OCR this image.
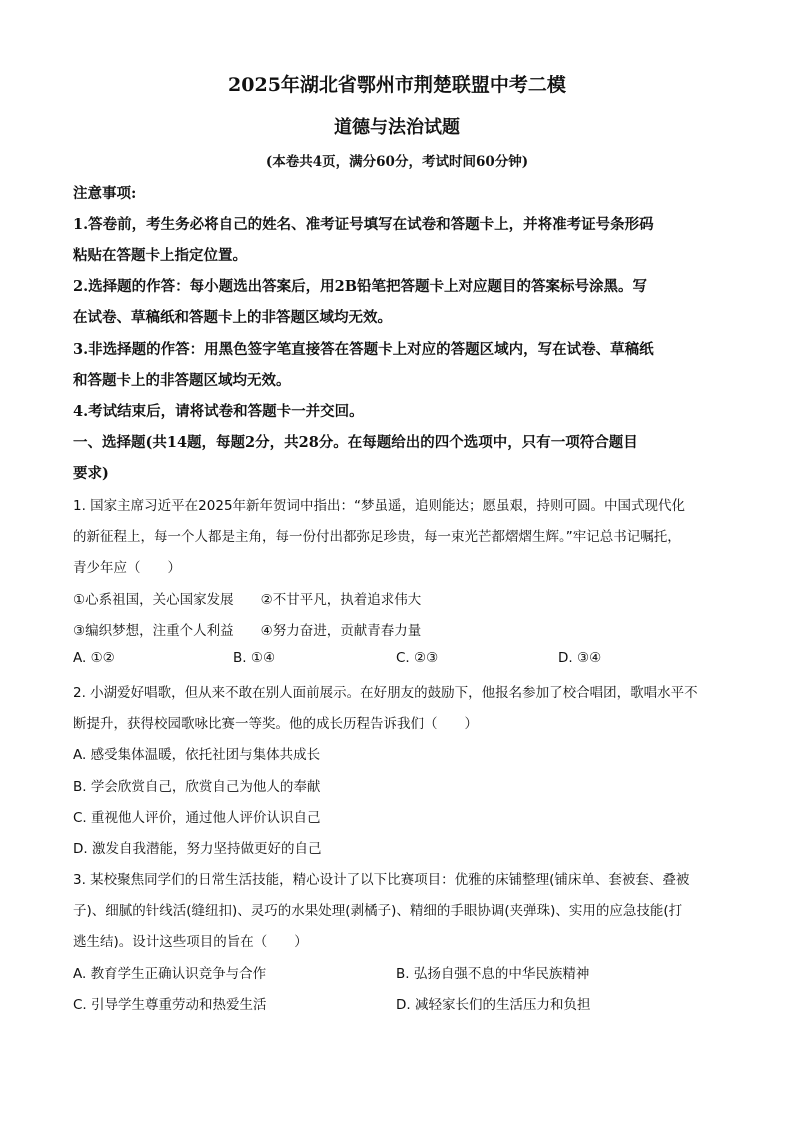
2025年湖北省鄂州市荆楚联盟中考二模
道德与法治试题
(本卷共4页，满分60分，考试时间60分钟)
注意事项:
1.答卷前，考生务必将自己的姓名、准考证号填写在试卷和答题卡上，并将准考证号条形码
粘贴在答题卡上指定位置。
2.选择题的作答：每小题选出答案后，用2B铅笔把答题卡上对应题目的答案标号涂黑。写
在试卷、草稿纸和答题卡上的非答题区域均无效。
3.非选择题的作答：用黑色签字笔直接答在答题卡上对应的答题区域内，写在试卷、草稿纸
和答题卡上的非答题区域均无效。
4.考试结束后，请将试卷和答题卡一并交回。
一、选择题(共14题，每题2分，共28分。在每题给出的四个选项中，只有一项符合题目
要求)
1. 国家主席习近平在2025年新年贺词中指出：“梦虽遥，追则能达；愿虽艰，持则可圆。中国式现代化
的新征程上，每一个人都是主角，每一份付出都弥足珍贵，每一束光芒都熠熠生辉。”牢记总书记嘱托，
青少年应（　　）
①心系祖国，关心国家发展　　②不甘平凡，执着追求伟大
③编织梦想，注重个人利益　　④努力奋进，贡献青春力量
A. ①②	B. ①④	C. ②③	D. ③④
2. 小湖爱好唱歌，但从来不敢在别人面前展示。在好朋友的鼓励下，他报名参加了校合唱团，歌唱水平不
断提升，获得校园歌咏比赛一等奖。他的成长历程告诉我们（　　）
A. 感受集体温暖，依托社团与集体共成长
B. 学会欣赏自己，欣赏自己为他人的奉献
C. 重视他人评价，通过他人评价认识自己
D. 激发自我潜能，努力坚持做更好的自己
3. 某校聚焦同学们的日常生活技能，精心设计了以下比赛项目：优雅的床铺整理(铺床单、套被套、叠被
子)、细腻的针线活(缝纽扣)、灵巧的水果处理(剥橘子)、精细的手眼协调(夹弹珠)、实用的应急技能(打
逃生结)。设计这些项目的旨在（　　）
A. 教育学生正确认识竞争与合作	B. 弘扬自强不息的中华民族精神
C. 引导学生尊重劳动和热爱生活	D. 减轻家长们的生活压力和负担
